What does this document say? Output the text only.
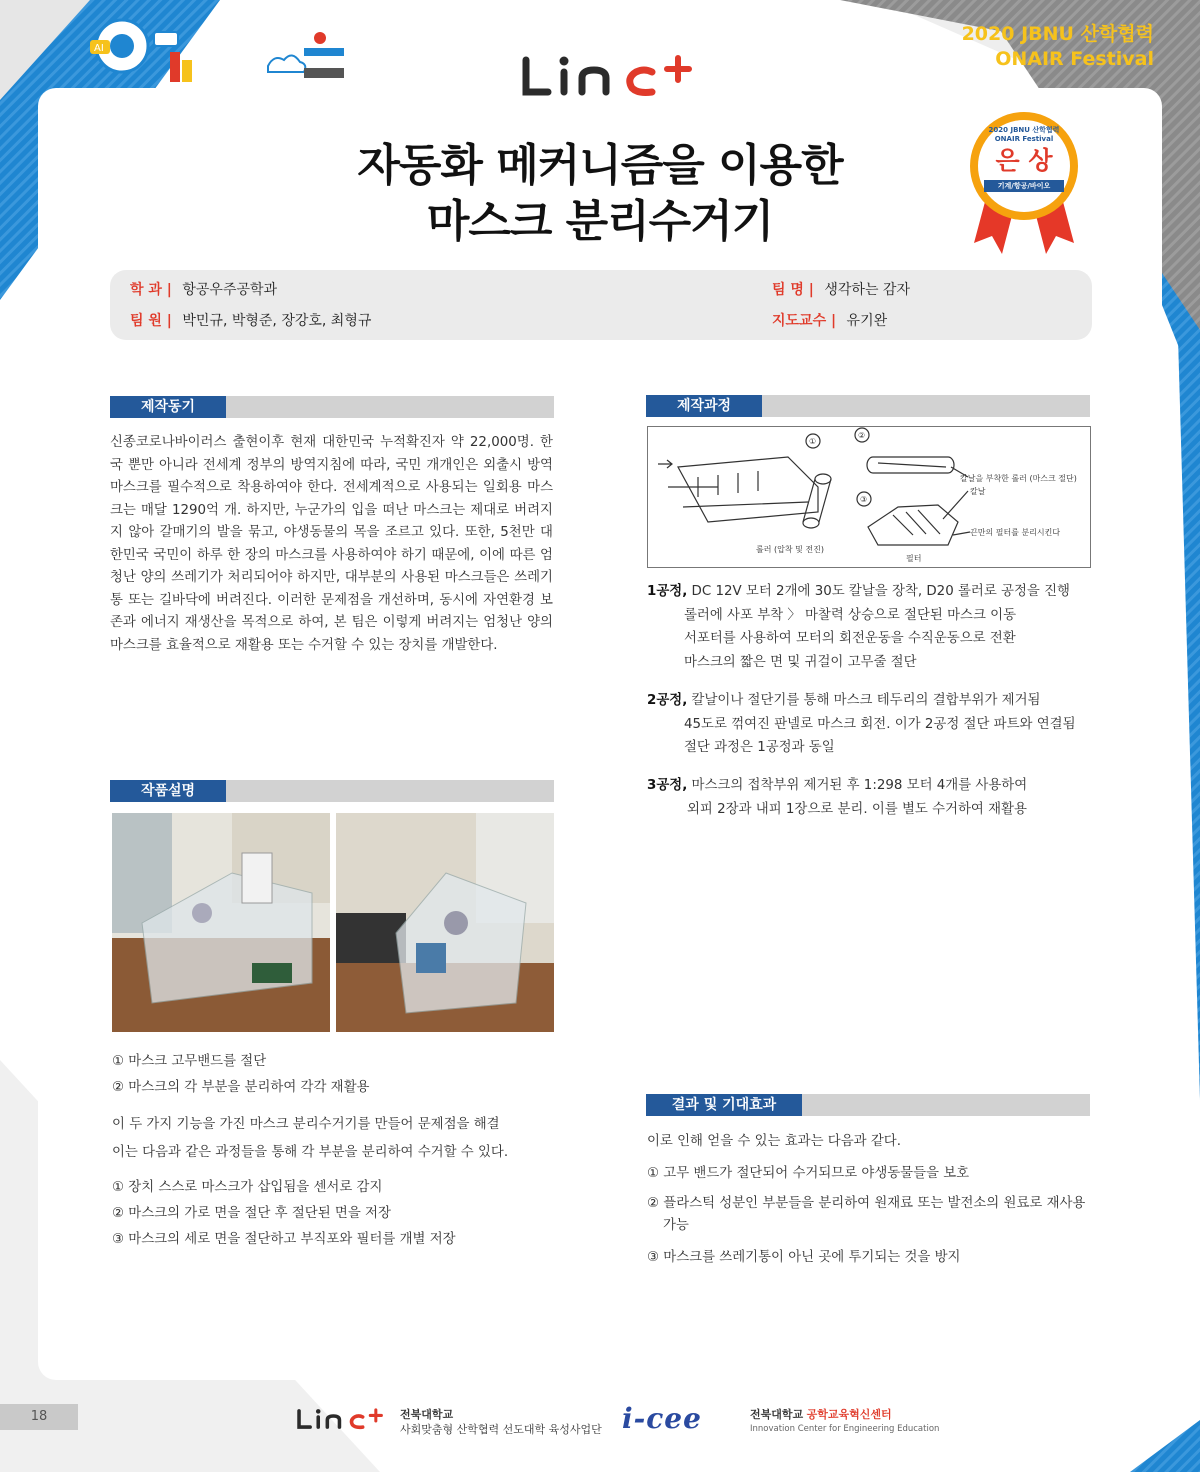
AI
2020 JBNU 산학협력
ONAIR Festival
2020 JBNU 산학협력
ONAIR Festival
은 상
기계/항공/바이오
자동화 메커니즘을 이용한
마스크 분리수거기
학 과 | 항공우주공학과
팀 원 | 박민규, 박형준, 장강호, 최형규
팀 명 | 생각하는 감자
지도교수 | 유기완
제작동기
신종코로나바이러스 출현이후 현재 대한민국 누적확진자 약 22,000명. 한국 뿐만 아니라 전세계 정부의 방역지침에 따라, 국민 개개인은 외출시 방역마스크를 필수적으로 착용하여야 한다. 전세계적으로 사용되는 일회용 마스크는 매달 1290억 개. 하지만, 누군가의 입을 떠난 마스크는 제대로 버려지지 않아 갈매기의 발을 묶고, 야생동물의 목을 조르고 있다. 또한, 5천만 대한민국 국민이 하루 한 장의 마스크를 사용하여야 하기 때문에, 이에 따른 엄청난 양의 쓰레기가 처리되어야 하지만, 대부분의 사용된 마스크들은 쓰레기통 또는 길바닥에 버려진다. 이러한 문제점을 개선하며, 동시에 자연환경 보존과 에너지 재생산을 목적으로 하여, 본 팀은 이렇게 버려지는 엄청난 양의 마스크를 효율적으로 재활용 또는 수거할 수 있는 장치를 개발한다.
작품설명

① 마스크 고무밴드를 절단

② 마스크의 각 부분을 분리하여 각각 재활용

이 두 가지 기능을 가진 마스크 분리수거기를 만들어 문제점을 해결

이는 다음과 같은 과정들을 통해 각 부분을 분리하여 수거할 수 있다.

① 장치 스스로 마스크가 삽입됨을 센서로 감지

② 마스크의 가로 면을 절단 후 절단된 면을 저장

③ 마스크의 세로 면을 절단하고 부직포와 필터를 개별 저장

제작과정
①
②
③
롤러 (압착 및 전진)
칼날을 부착한 롤러 (마스크 절단)
칼날
끈만의 필터를 분리시킨다
필터
1공정, DC 12V 모터 2개에 30도 칼날을 장착, D20 롤러로 공정을 진행
롤러에 사포 부착 〉 마찰력 상승으로 절단된 마스크 이동
서포터를 사용하여 모터의 회전운동을 수직운동으로 전환
마스크의 짧은 면 및 귀걸이 고무줄 절단
2공정, 칼날이나 절단기를 통해 마스크 테두리의 결합부위가 제거됨
45도로 꺾여진 판넬로 마스크 회전. 이가 2공정 절단 파트와 연결됨
절단 과정은 1공정과 동일
3공정, 마스크의 접착부위 제거된 후 1:298 모터 4개를 사용하여
외피 2장과 내피 1장으로 분리. 이를 별도 수거하여 재활용
결과 및 기대효과

이로 인해 얻을 수 있는 효과는 다음과 같다.

① 고무 밴드가 절단되어 수거되므로 야생동물들을 보호

② 플라스틱 성분인 부분들을 분리하여 원재료 또는 발전소의 원료로 재사용 가능

③ 마스크를 쓰레기통이 아닌 곳에 투기되는 것을 방지

18	전북대학교
사회맞춤형 산학협력 선도대학 육성사업단 i-cee	전북대학교 공학교육혁신센터
Innovation Center for Engineering Education
